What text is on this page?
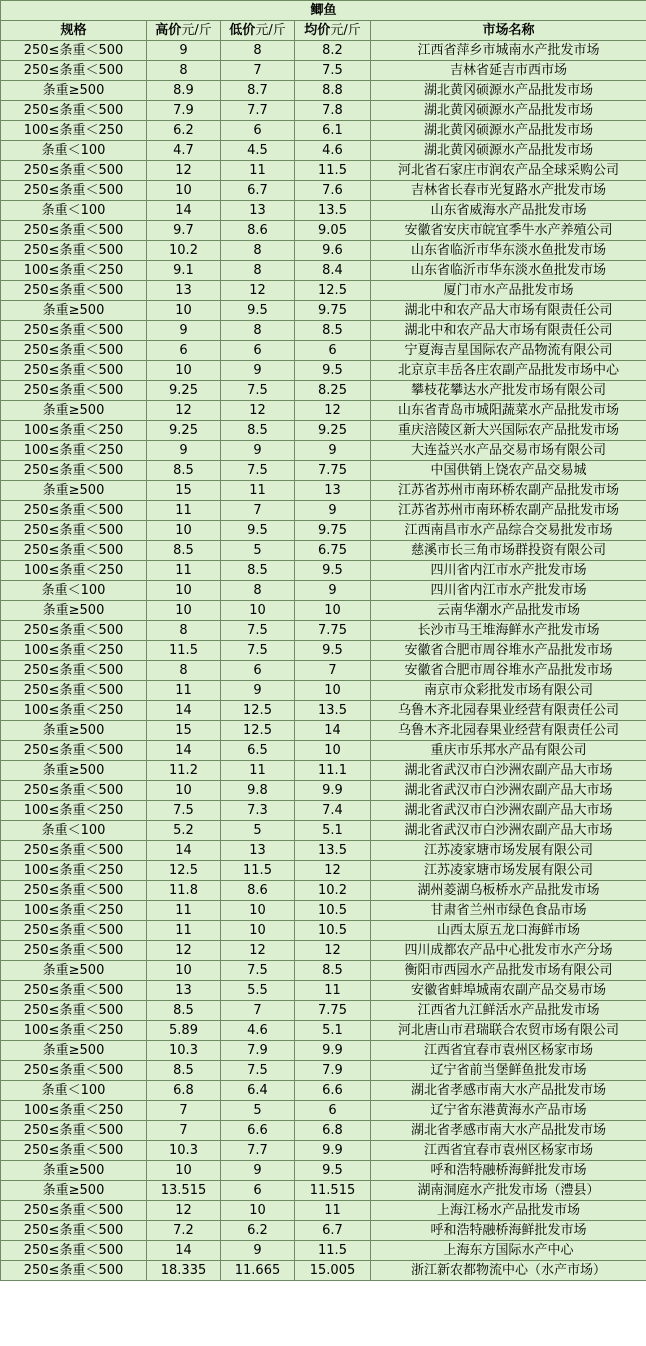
鲫鱼				
规格	高价元/斤	低价元/斤	均价元/斤	市场名称
250≤条重＜500	9	8	8.2	江西省萍乡市城南水产批发市场
250≤条重＜500	8	7	7.5	吉林省延吉市西市场
条重≥500	8.9	8.7	8.8	湖北黄冈硕源水产品批发市场
250≤条重＜500	7.9	7.7	7.8	湖北黄冈硕源水产品批发市场
100≤条重＜250	6.2	6	6.1	湖北黄冈硕源水产品批发市场
条重＜100	4.7	4.5	4.6	湖北黄冈硕源水产品批发市场
250≤条重＜500	12	11	11.5	河北省石家庄市润农产品全球采购公司
250≤条重＜500	10	6.7	7.6	吉林省长春市光复路水产批发市场
条重＜100	14	13	13.5	山东省威海水产品批发市场
250≤条重＜500	9.7	8.6	9.05	安徽省安庆市皖宜季牛水产养殖公司
250≤条重＜500	10.2	8	9.6	山东省临沂市华东淡水鱼批发市场
100≤条重＜250	9.1	8	8.4	山东省临沂市华东淡水鱼批发市场
250≤条重＜500	13	12	12.5	厦门市水产品批发市场
条重≥500	10	9.5	9.75	湖北中和农产品大市场有限责任公司
250≤条重＜500	9	8	8.5	湖北中和农产品大市场有限责任公司
250≤条重＜500	6	6	6	宁夏海吉星国际农产品物流有限公司
250≤条重＜500	10	9	9.5	北京京丰岳各庄农副产品批发市场中心
250≤条重＜500	9.25	7.5	8.25	攀枝花攀达水产批发市场有限公司
条重≥500	12	12	12	山东省青岛市城阳蔬菜水产品批发市场
100≤条重＜250	9.25	8.5	9.25	重庆涪陵区新大兴国际农产品批发市场
100≤条重＜250	9	9	9	大连益兴水产品交易市场有限公司
250≤条重＜500	8.5	7.5	7.75	中国供销上饶农产品交易城
条重≥500	15	11	13	江苏省苏州市南环桥农副产品批发市场
250≤条重＜500	11	7	9	江苏省苏州市南环桥农副产品批发市场
250≤条重＜500	10	9.5	9.75	江西南昌市水产品综合交易批发市场
250≤条重＜500	8.5	5	6.75	慈溪市长三角市场群投资有限公司
100≤条重＜250	11	8.5	9.5	四川省内江市水产批发市场
条重＜100	10	8	9	四川省内江市水产批发市场
条重≥500	10	10	10	云南华潮水产品批发市场
250≤条重＜500	8	7.5	7.75	长沙市马王堆海鲜水产批发市场
100≤条重＜250	11.5	7.5	9.5	安徽省合肥市周谷堆水产品批发市场
250≤条重＜500	8	6	7	安徽省合肥市周谷堆水产品批发市场
250≤条重＜500	11	9	10	南京市众彩批发市场有限公司
100≤条重＜250	14	12.5	13.5	乌鲁木齐北园春果业经营有限责任公司
条重≥500	15	12.5	14	乌鲁木齐北园春果业经营有限责任公司
250≤条重＜500	14	6.5	10	重庆市乐邦水产品有限公司
条重≥500	11.2	11	11.1	湖北省武汉市白沙洲农副产品大市场
250≤条重＜500	10	9.8	9.9	湖北省武汉市白沙洲农副产品大市场
100≤条重＜250	7.5	7.3	7.4	湖北省武汉市白沙洲农副产品大市场
条重＜100	5.2	5	5.1	湖北省武汉市白沙洲农副产品大市场
250≤条重＜500	14	13	13.5	江苏凌家塘市场发展有限公司
100≤条重＜250	12.5	11.5	12	江苏凌家塘市场发展有限公司
250≤条重＜500	11.8	8.6	10.2	湖州菱湖乌板桥水产品批发市场
100≤条重＜250	11	10	10.5	甘肃省兰州市绿色食品市场
250≤条重＜500	11	10	10.5	山西太原五龙口海鲜市场
250≤条重＜500	12	12	12	四川成都农产品中心批发市水产分场
条重≥500	10	7.5	8.5	衡阳市西园水产品批发市场有限公司
250≤条重＜500	13	5.5	11	安徽省蚌埠城南农副产品交易市场
250≤条重＜500	8.5	7	7.75	江西省九江鲜活水产品批发市场
100≤条重＜250	5.89	4.6	5.1	河北唐山市君瑞联合农贸市场有限公司
条重≥500	10.3	7.9	9.9	江西省宜春市袁州区杨家市场
250≤条重＜500	8.5	7.5	7.9	辽宁省前当堡鲜鱼批发市场
条重＜100	6.8	6.4	6.6	湖北省孝感市南大水产品批发市场
100≤条重＜250	7	5	6	辽宁省东港黄海水产品市场
250≤条重＜500	7	6.6	6.8	湖北省孝感市南大水产品批发市场
250≤条重＜500	10.3	7.7	9.9	江西省宜春市袁州区杨家市场
条重≥500	10	9	9.5	呼和浩特融桥海鲜批发市场
条重≥500	13.515	6	11.515	湖南洞庭水产批发市场（澧县）
250≤条重＜500	12	10	11	上海江杨水产品批发市场
250≤条重＜500	7.2	6.2	6.7	呼和浩特融桥海鲜批发市场
250≤条重＜500	14	9	11.5	上海东方国际水产中心
250≤条重＜500	18.335	11.665	15.005	浙江新农都物流中心（水产市场）
